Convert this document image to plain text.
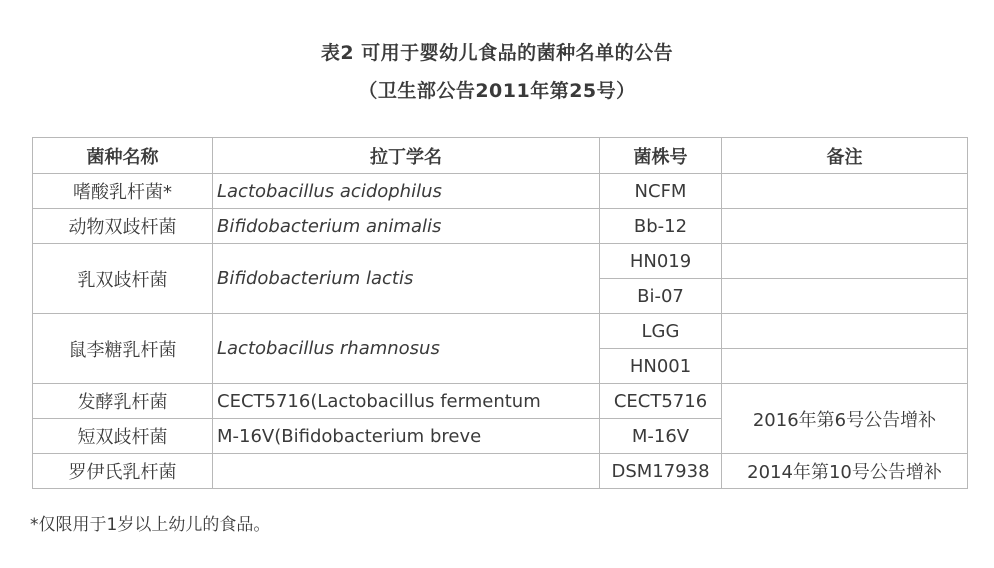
表2 可用于婴幼儿食品的菌种名单的公告
（卫生部公告2011年第25号）
菌种名称	拉丁学名	菌株号	备注
嗜酸乳杆菌*	Lactobacillus acidophilus	NCFM	
动物双歧杆菌	Bifidobacterium animalis	Bb-12	
乳双歧杆菌	Bifidobacterium lactis	HN019	
		Bi-07	
鼠李糖乳杆菌	Lactobacillus rhamnosus	LGG	
		HN001	
发酵乳杆菌	CECT5716(Lactobacillus fermentum	CECT5716	2016年第6号公告增补
短双歧杆菌	M-16V(Bifidobacterium breve	M-16V	
罗伊氏乳杆菌		DSM17938	2014年第10号公告增补
*仅限用于1岁以上幼儿的食品。
